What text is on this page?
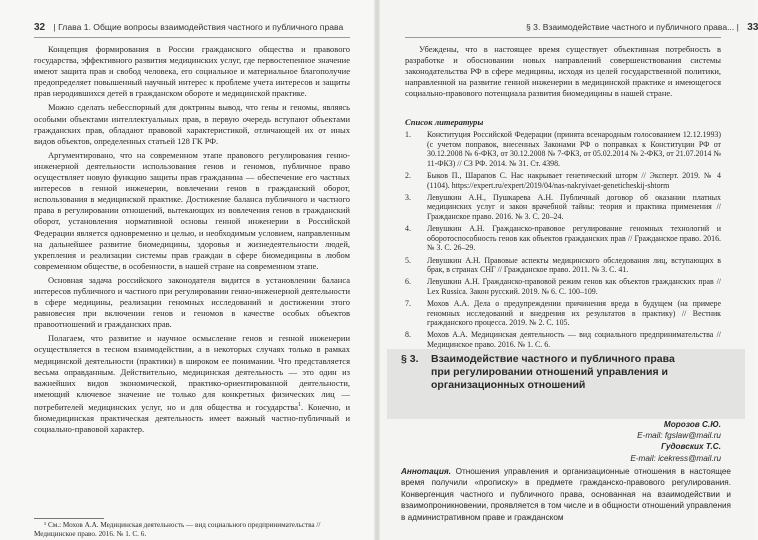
32 | Глава 1. Общие вопросы взаимодействия частного и публичного права

Концепция формирования в России гражданского общества и правового государства, эффективного развития медицинских услуг, где первостепенное значение имеют защита прав и свобод человека, его социальное и материальное благополучие предопределяет повышенный научный интерес к проблеме учета интересов и защиты прав неродившихся детей в гражданском обороте и медицинской практике.

Можно сделать небесспорный для доктрины вывод, что гены и геномы, являясь особыми объектами интеллектуальных прав, в первую очередь вступают объектами гражданских прав, обладают правовой характеристикой, отличающей их от иных видов объектов, определенных статьей 128 ГК РФ.

Аргументировано, что на современном этапе правового регулирования генно-инженерной деятельности использования генов и геномов, публичное право осуществляет новую функцию защиты прав гражданина — обеспечение его частных интересов в генной инженерии, вовлечении генов в гражданский оборот, использования в медицинской практике. Достижение баланса публичного и частного права в регулировании отношений, вытекающих из вовлечения генов в гражданский оборот, установления нормативной основы генной инженерии в Российской Федерации является одновременно и целью, и необходимым условием, направленным на дальнейшее развитие биомедицины, здоровья и жизнедеятельности людей, укрепления и реализации системы прав граждан в сфере биомедицины в любом современном обществе, в особенности, в нашей стране на современном этапе.

Основная задача российского законодателя видится в установлении баланса интересов публичного и частного при регулировании генно-инженерной деятельности в сфере медицины, реализации геномных исследований и достижении этого равновесия при включении генов и геномов в качестве особых объектов правоотношений и гражданских прав.

Полагаем, что развитие и научное осмысление генов и генной инженерии осуществляется в тесном взаимодействии, а в некоторых случаях только в рамках медицинской деятельности (практики) в широком ее понимании. Что представляется весьма оправданным. Действительно, медицинская деятельность — это один из важнейших видов экономической, практико-ориентированной деятельности, имеющий ключевое значение не только для конкретных физических лиц — потребителей медицинских услуг, но и для общества и государства$^1$. Конечно, и биомедицинская практическая деятельность имеет важный частно-публичный и социально-правовой характер.

¹ См.: Мохов А.А. Медицинская деятельность — вид социального предпринимательства // Медицинское право. 2016. № 1. С. 6.

§ 3. Взаимодействие частного и публичного права... | 33

Убеждены, что в настоящее время существует объективная потребность в разработке и обосновании новых направлений совершенствования системы законодательства РФ в сфере медицины, исходя из целей государственной политики, направленной на развитие генной инженерии в медицинской практике и имеющегося социально-правового потенциала развития биомедицины в нашей стране.

Список литературы
1.	Конституция Российской Федерации (принята всенародным голосованием 12.12.1993) (с учетом поправок, внесенных Законами РФ о поправках к Конституции РФ от 30.12.2008 № 6-ФКЗ, от 30.12.2008 № 7-ФКЗ, от 05.02.2014 № 2-ФКЗ, от 21.07.2014 № 11-ФКЗ) // СЗ РФ. 2014. № 31. Ст. 4398.
2.	Быков П., Шарапов С. Нас накрывает генетический шторм // Эксперт. 2019. № 4 (1104). https://expert.ru/expert/2019/04/nas-nakryivaet-geneticheskij-shtorm
3.	Левушкин А.Н., Пушкарева А.Н. Публичный договор об оказании платных медицинских услуг и закон врачебной тайны: теория и практика применения // Гражданское право. 2016. № 3. С. 20–24.
4.	Левушкин А.Н. Гражданско-правовое регулирование геномных технологий и оборотоспособность генов как объектов гражданских прав // Гражданское право. 2016. № 3. С. 26–29.
5.	Левушкин А.Н. Правовые аспекты медицинского обследования лиц, вступающих в брак, в странах СНГ // Гражданское право. 2011. № 3. С. 41.
6.	Левушкин А.Н. Гражданско-правовой режим генов как объектов гражданских прав // Lex Russica. Закон русский. 2019. № 6. С. 100–109.
7.	Мохов А.А. Дела о предупреждении причинения вреда в будущем (на примере геномных исследований и внедрения их результатов в практику) // Вестник гражданского процесса. 2019. № 2. С. 105.
8.	Мохов А.А. Медицинская деятельность — вид социального предпринимательства // Медицинское право. 2016. № 1. С. 6.
§ 3. Взаимодействие частного и публичного права
при регулировании отношений управления и организационных отношений
Морозов С.Ю.
E-mail: fgslaw@mail.ru
Гудовских Т.С.
E-mail: icekress@mail.ru
Аннотация. Отношения управления и организационные отношения в настоящее время получили «прописку» в предмете гражданско-правового регулирования. Конвергенция частного и публичного права, основанная на взаимодействии и взаимопроникновении, проявляется в том числе и в общности отношений управления в административном праве и гражданском
